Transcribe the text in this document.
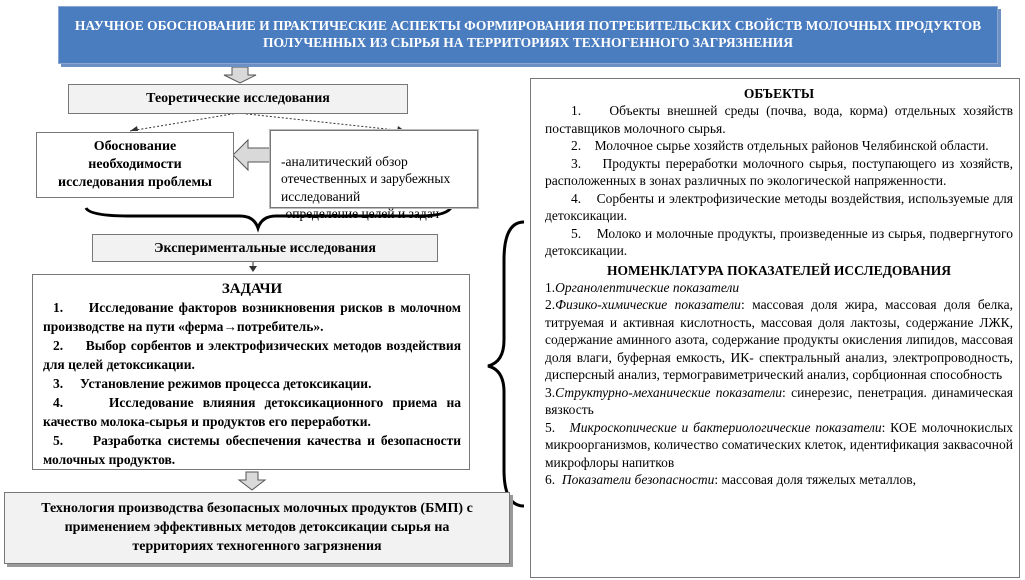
НАУЧНОЕ ОБОСНОВАНИЕ И ПРАКТИЧЕСКИЕ АСПЕКТЫ ФОРМИРОВАНИЯ ПОТРЕБИТЕЛЬСКИХ СВОЙСТВ МОЛОЧНЫХ ПРОДУКТОВ ПОЛУЧЕННЫХ ИЗ СЫРЬЯ НА ТЕРРИТОРИЯХ ТЕХНОГЕННОГО ЗАГРЯЗНЕНИЯ
Теоретические исследования
Обоснование необходимости исследования проблемы

-аналитический обзор отечественных и зарубежных исследований
-определение целей и задач

Экспериментальные исследования
ЗАДАЧИ
1.     Исследование факторов возникновения рисков в молочном производстве на пути «ферма→потребитель».
2.     Выбор сорбентов и электрофизических методов воздействия для целей детоксикации.
3.     Установление режимов процесса детоксикации.
4.     Исследование влияния детоксикационного приема на качество молока-сырья и продуктов его переработки.
5.     Разработка системы обеспечения качества и безопасности молочных продуктов.
Технология производства безопасных молочных продуктов (БМП) с применением эффективных методов детоксикации сырья на территориях техногенного загрязнения
ОБЪЕКТЫ

1.    Объекты внешней среды (почва, вода, корма) отдельных хозяйств поставщиков молочного сырья.

2.    Молочное сырье хозяйств отдельных районов Челябинской области.

3.    Продукты переработки молочного сырья, поступающего из хозяйств, расположенных в зонах различных по экологической напряженности.

4.    Сорбенты и электрофизические методы воздействия, используемые для детоксикации.

5.    Молоко и молочные продукты, произведенные из сырья, подвергнутого детоксикации.

НОМЕНКЛАТУРА ПОКАЗАТЕЛЕЙ ИССЛЕДОВАНИЯ

1.Органолептические показатели

2.Физико-химические показатели: массовая доля жира, массовая доля белка, титруемая и активная кислотность, массовая доля лактозы, содержание ЛЖК, содержание аминного азота, содержание продукты окисления липидов, массовая доля влаги, буферная емкость, ИК- спектральный анализ, электропроводность, дисперсный анализ, термогравиметрический анализ, сорбционная способность

3.Структурно-механические показатели: синерезис, пенетрация. динамическая вязкость

5.   Микроскопические и бактериологические показатели: КОЕ молочнокислых микроорганизмов, количество соматических клеток, идентификация заквасочной микрофлоры напитков

6.  Показатели безопасности: массовая доля тяжелых металлов,
